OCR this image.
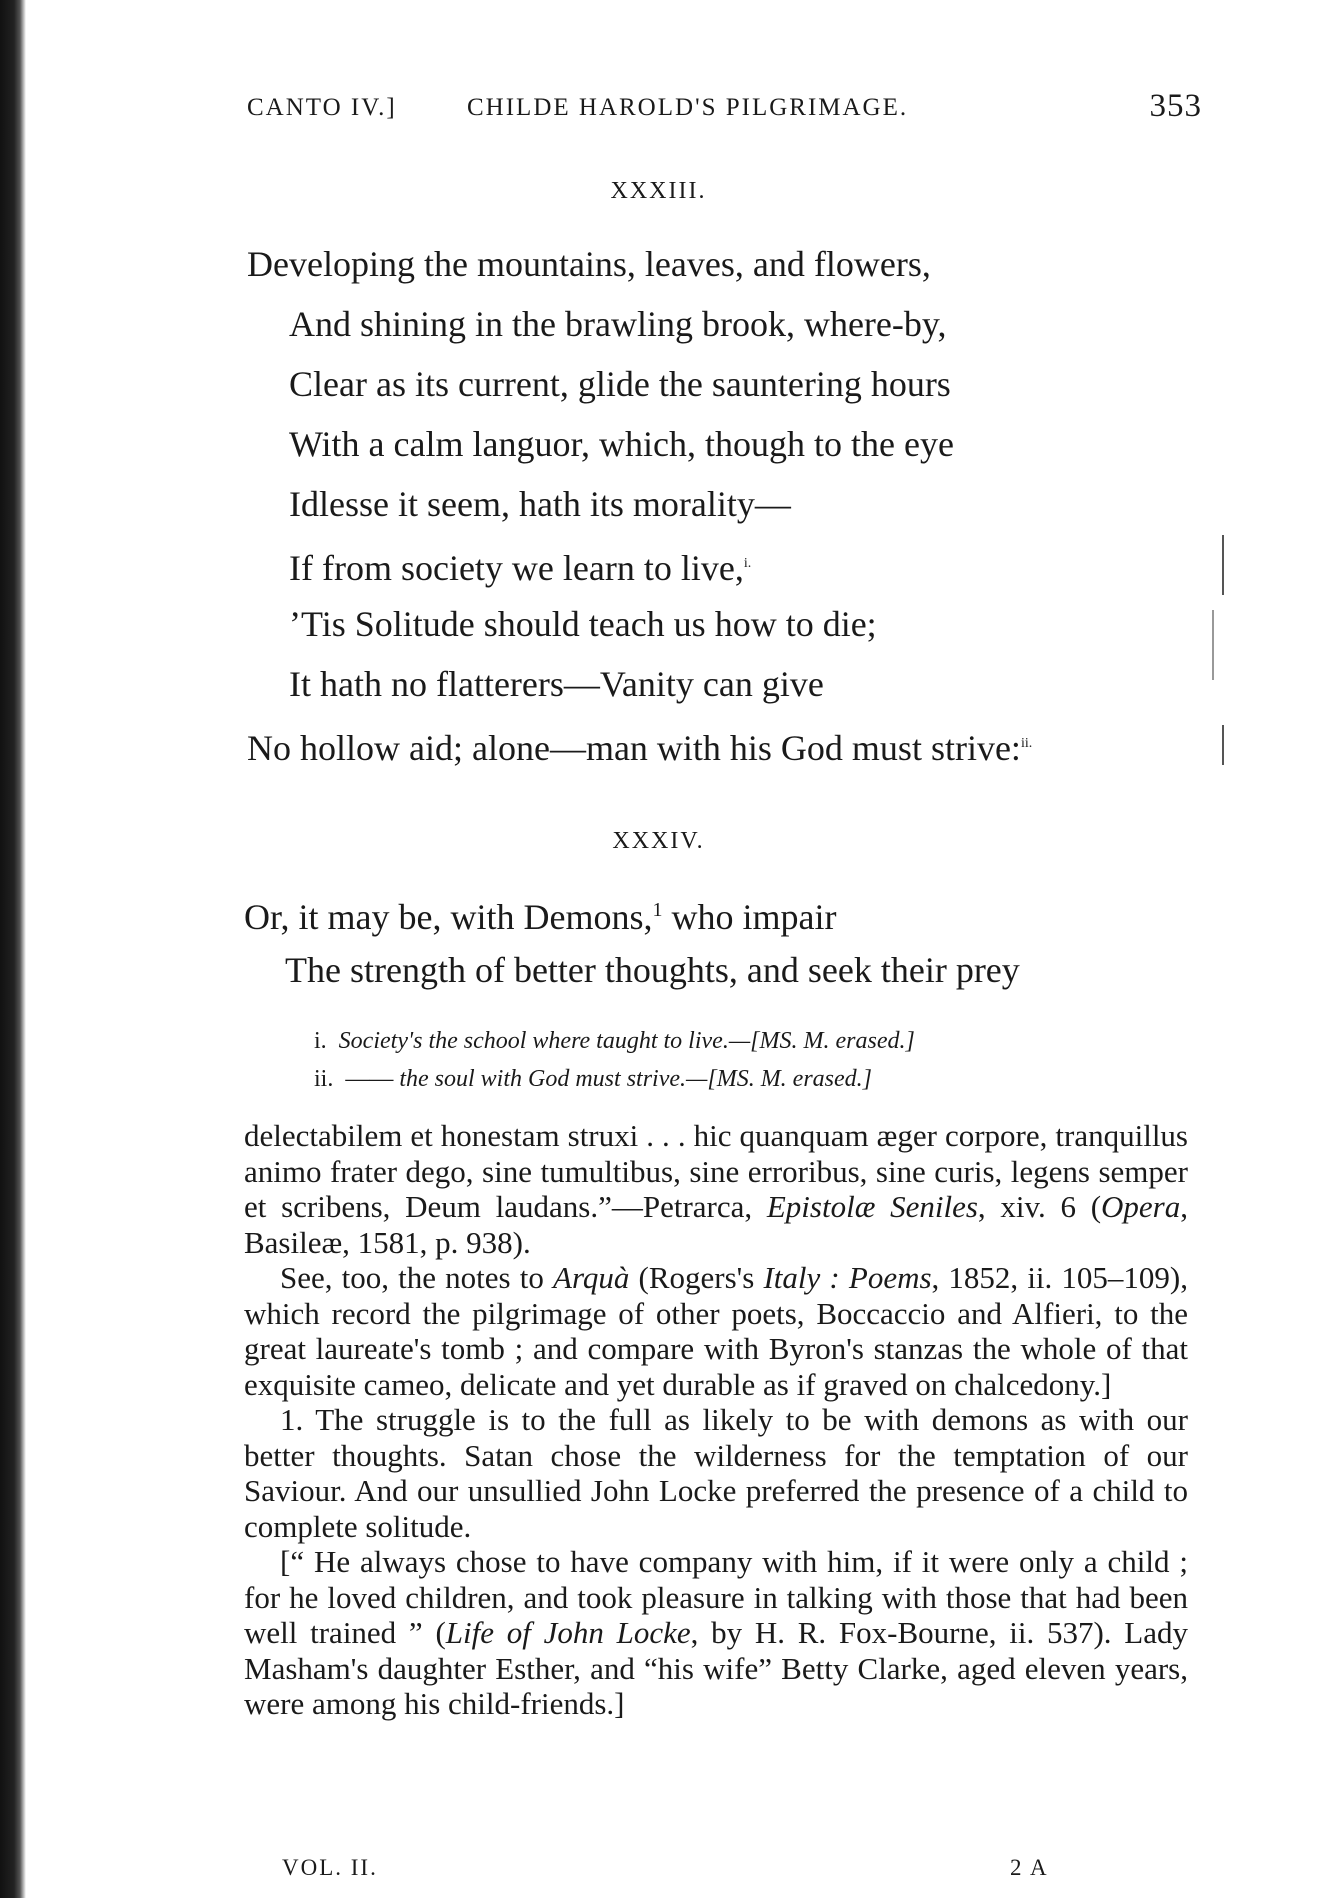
CANTO IV.]	CHILDE HAROLD'S PILGRIMAGE.	353
XXXIII.
Developing the mountains, leaves, and flowers,
And shining in the brawling brook, where-by,
Clear as its current, glide the sauntering hours
With a calm languor, which, though to the eye
Idlesse it seem, hath its morality—
If from society we learn to live,$^{i.}$
’Tis Solitude should teach us how to die;
It hath no flatterers—Vanity can give
No hollow aid; alone—man with his God must strive:$^{ii.}$
XXXIV.
Or, it may be, with Demons,$^1$ who impair
The strength of better thoughts, and seek their prey
i. Society's the school where taught to live.—[MS. M. erased.]
ii. —— the soul with God must strive.—[MS. M. erased.]

delectabilem et honestam struxi . . . hic quanquam æger corpore, tranquillus animo frater dego, sine tumultibus, sine erroribus, sine curis, legens semper et scribens, Deum laudans.”—Petrarca, Epistolæ Seniles, xiv. 6 (Opera, Basileæ, 1581, p. 938).

See, too, the notes to Arquà (Rogers's Italy : Poems, 1852, ii. 105–109), which record the pilgrimage of other poets, Boccaccio and Alfieri, to the great laureate's tomb ; and compare with Byron's stanzas the whole of that exquisite cameo, delicate and yet durable as if graved on chalcedony.]

1. The struggle is to the full as likely to be with demons as with our better thoughts. Satan chose the wilderness for the temptation of our Saviour. And our unsullied John Locke preferred the presence of a child to complete solitude.

[“ He always chose to have company with him, if it were only a child ; for he loved children, and took pleasure in talking with those that had been well trained ” (Life of John Locke, by H. R. Fox-Bourne, ii. 537). Lady Masham's daughter Esther, and “his wife” Betty Clarke, aged eleven years, were among his child-friends.]

VOL. II.	2 A
